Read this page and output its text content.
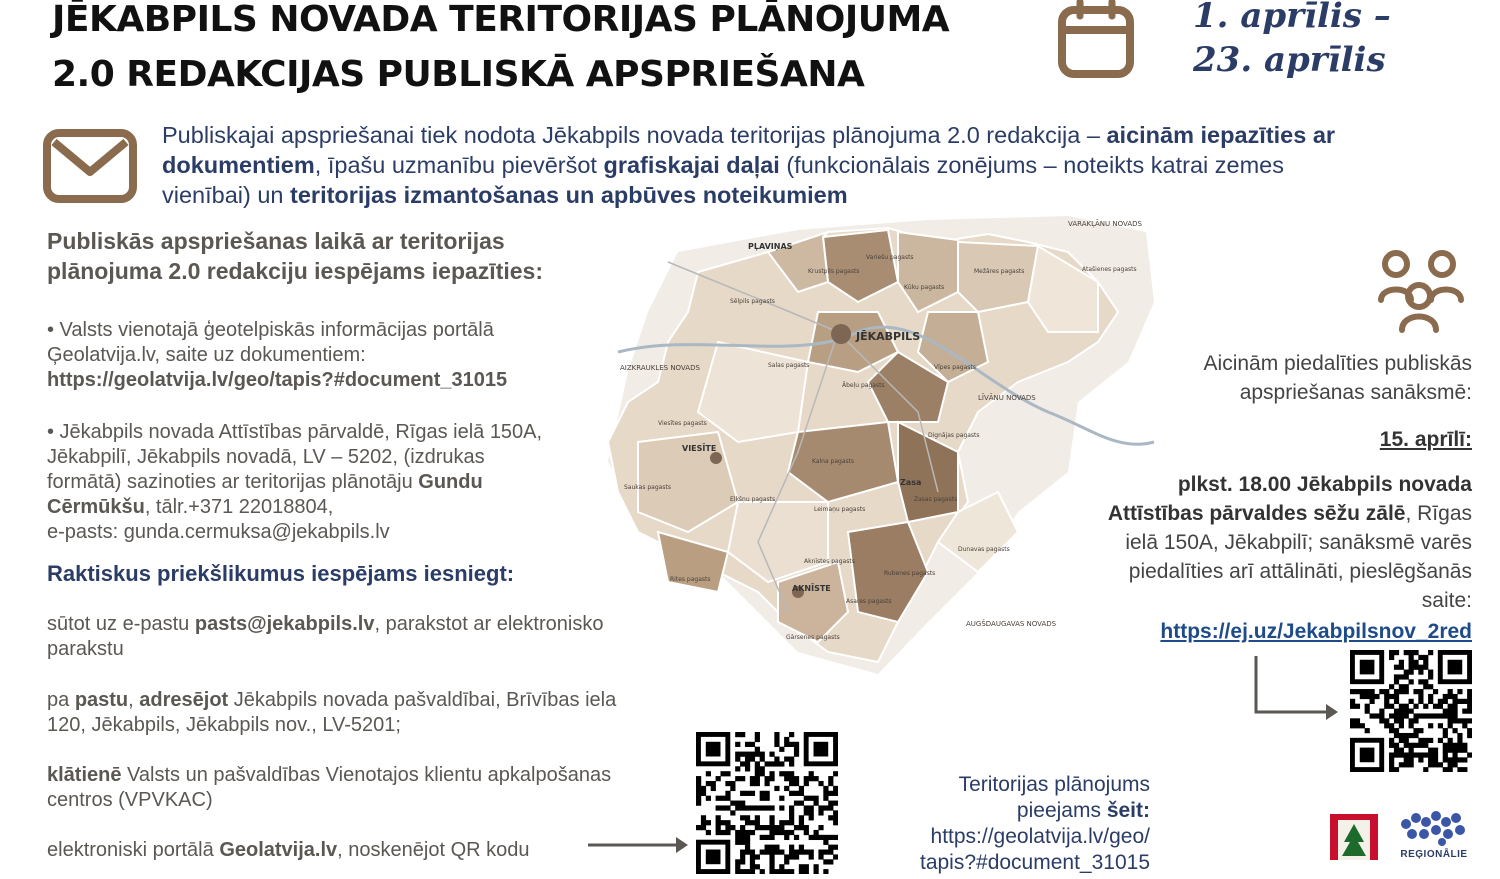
JĒKABPILS NOVADA TERITORIJAS PLĀNOJUMA
2.0 REDAKCIJAS PUBLISKĀ APSPRIEŠANA
1. aprīlis –
23. aprīlis
Publiskajai apspriešanai tiek nodota Jēkabpils novada teritorijas plānojuma 2.0 redakcija – aicinām iepazīties ar dokumentiem, īpašu uzmanību pievēršot grafiskajai daļai (funkcionālais zonējums – noteikts katrai zemes vienībai) un teritorijas izmantošanas un apbūves noteikumiem
Publiskās apspriešanas laikā ar teritorijas
plānojuma 2.0 redakciju iespējams iepazīties:
• Valsts vienotajā ģeotelpiskās informācijas portālā
Ģeolatvija.lv, saite uz dokumentiem:
https://geolatvija.lv/geo/tapis?#document_31015
• Jēkabpils novada Attīstības pārvaldē, Rīgas ielā 150A,
Jēkabpilī, Jēkabpils novadā, LV – 5202, (izdrukas
formātā) sazinoties ar teritorijas plānotāju Gundu
Cērmūkšu, tālr.+371 22018804,
e-pasts: gunda.cermuksa@jekabpils.lv
Raktiskus priekšlikumus iespējams iesniegt:
sūtot uz e-pastu pasts@jekabpils.lv, parakstot ar elektronisko
parakstu
pa pastu, adresējot Jēkabpils novada pašvaldībai, Brīvības iela
120, Jēkabpils, Jēkabpils nov., LV-5201;
klātienē Valsts un pašvaldības Vienotajos klientu apkalpošanas
centros (VPVKAC)
elektroniski portālā Geolatvija.lv, noskenējot QR kodu
PĻAVIŅAS
VARAKĻĀNU NOVADS
Krustpils pagasts
Variešu pagasts
Mežāres pagasts	Atašienes pagasts
Kūku pagasts
Sēlpils pagasts
JĒKABPILS
AIZKRAUKLES NOVADS	Salas pagasts
Ābeļu pagasts
Vīpes pagasts
LĪVĀNU NOVADS
Viesītes pagasts
VIESĪTE
Dignājas pagasts
Kalna pagasts
Zasa
Saukas pagasts
Elkšņu pagasts
Leimaņu pagasts
Zasas pagasts
Rites pagasts
Aknīstes pagasts
Dunavas pagasts
AKNĪSTE
Rubenes pagasts
Asares pagasts
Gārsenes pagasts
AUGŠDAUGAVAS NOVADS
Aicinām piedalīties publiskās
apspriešanas sanāksmē:
15. aprīlī:
plkst. 18.00 Jēkabpils novada
Attīstības pārvaldes sēžu zālē, Rīgas
ielā 150A, Jēkabpilī; sanāksmē varēs
piedalīties arī attālināti, pieslēgšanās
saite:
https://ej.uz/Jekabpilsnov_2red
Teritorijas plānojums
pieejams šeit:
https://geolatvija.lv/geo/
tapis?#document_31015	REĢIONĀLIE
